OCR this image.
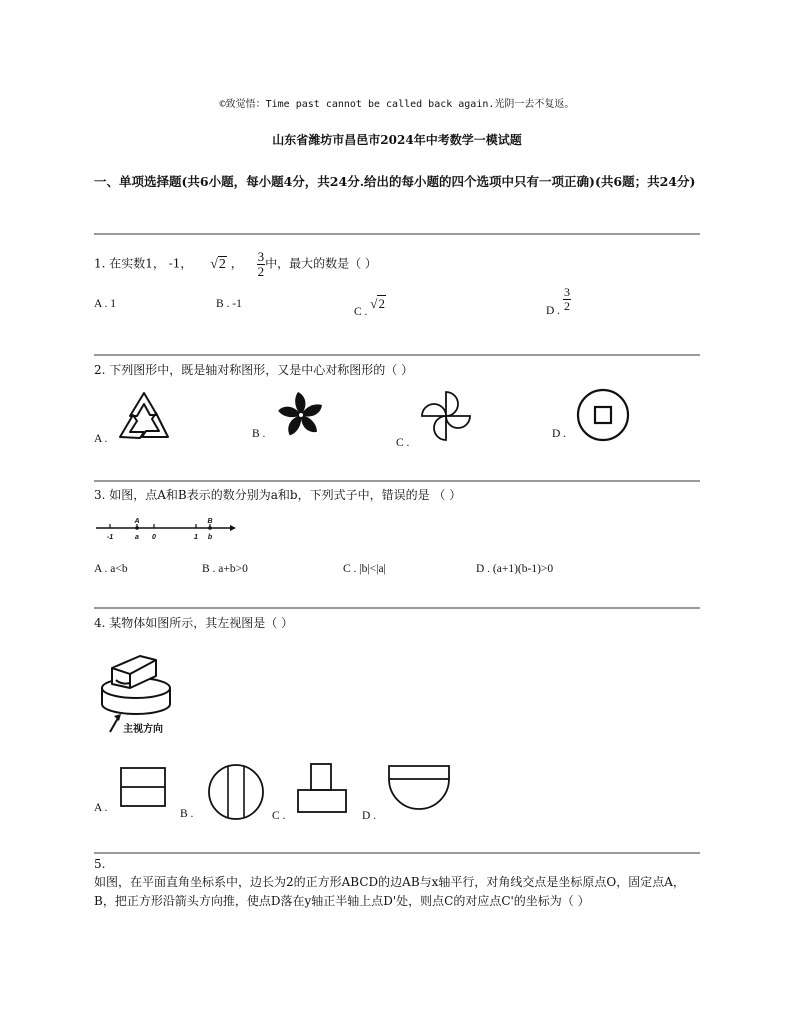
©致觉悟：Time past cannot be called back again.光阴一去不复返。
山东省潍坊市昌邑市2024年中考数学一模试题
一、单项选择题(共6小题，每小题4分，共24分.给出的每小题的四个选项中只有一项正确)(共6题；共24分)
1. 在实数1， -1， √2 ， $\frac{3}{2}$ 中，最大的数是（ ）
A . 1	B . -1
C . √2	D . $\frac{3}{2}$
2. 下列图形中，既是轴对称图形，又是中心对称图形的（ ）
A .	B .
C .
D .
3. 如图，点A和B表示的数分别为a和b，下列式子中，错误的是 （ ）
A	B
-1	a 0	1 b
A . a<b	B . a+b>0	C . |b|<|a|	D . (a+1)(b-1)>0
4. 某物体如图所示，其左视图是（ ）
主视方向
A .	B .	C .	D .
5.
如图，在平面直角坐标系中，边长为2的正方形ABCD的边AB与x轴平行，对角线交点是坐标原点O，固定点A，B，把正方形沿箭头方向推，使点D落在y轴正半轴上点D'处，则点C的对应点C'的坐标为（ ）
